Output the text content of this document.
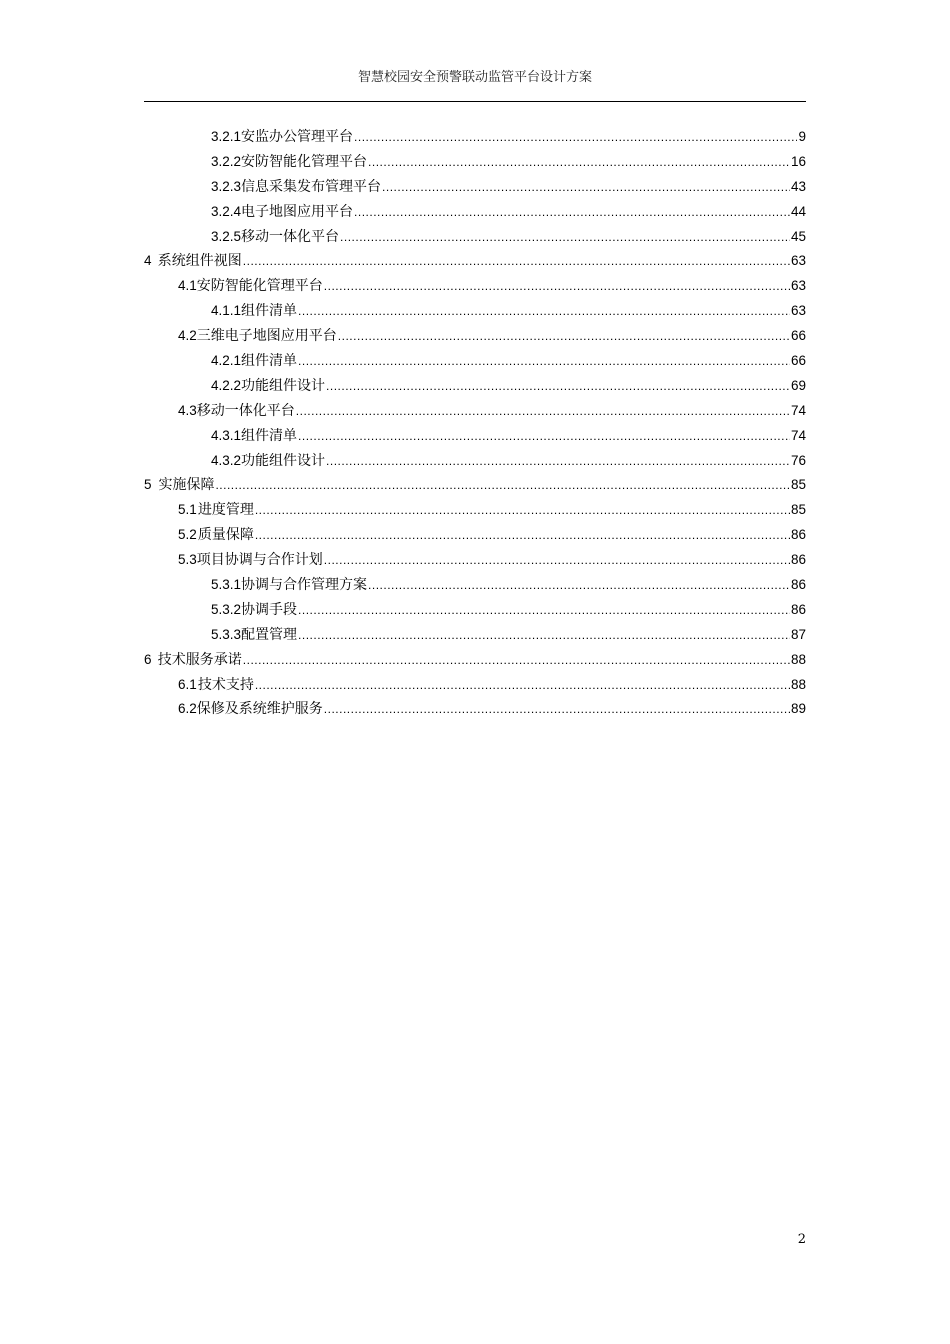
智慧校园安全预警联动监管平台设计方案
3.2.1 安监办公管理平台 .....	9
3.2.2 安防智能化管理平台 .....	16
3.2.3 信息采集发布管理平台 .....	43
3.2.4 电子地图应用平台 .....	44
3.2.5 移动一体化平台 .....	45
4 系统组件视图 .....	63
4.1 安防智能化管理平台 .....	63
4.1.1 组件清单 .....	63
4.2 三维电子地图应用平台 .....	66
4.2.1 组件清单 .....	66
4.2.2 功能组件设计 .....	69
4.3 移动一体化平台 .....	74
4.3.1 组件清单 .....	74
4.3.2 功能组件设计 .....	76
5 实施保障 .....	85
5.1 进度管理 .....	85
5.2 质量保障 .....	86
5.3 项目协调与合作计划 .....	86
5.3.1 协调与合作管理方案 .....	86
5.3.2 协调手段 .....	86
5.3.3 配置管理 .....	87
6 技术服务承诺 .....	88
6.1 技术支持 .....	88
6.2 保修及系统维护服务 .....	89
2
